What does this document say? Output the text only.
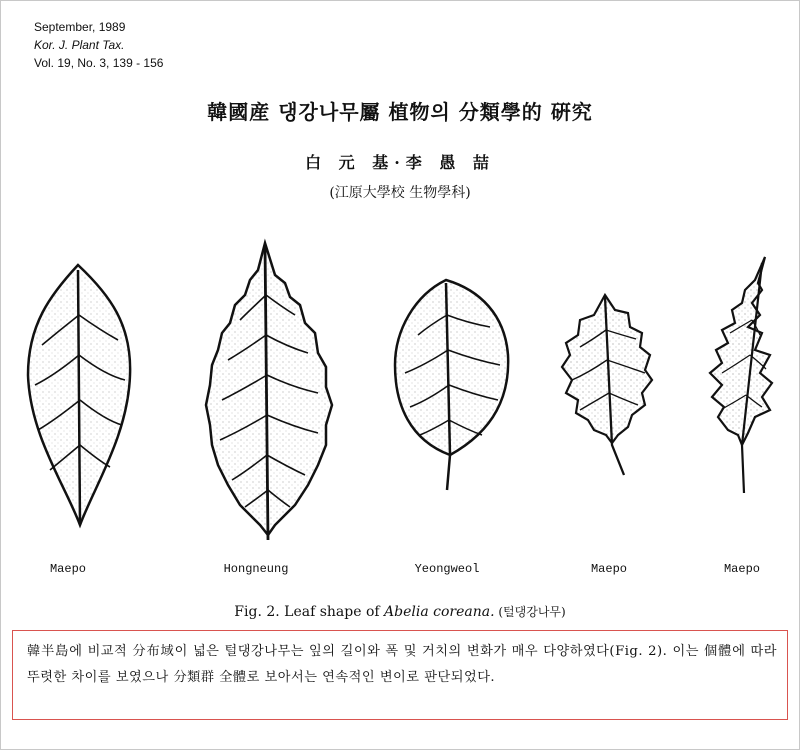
September, 1989
Kor. J. Plant Tax.
Vol. 19, No. 3, 139 - 156
韓國産 댕강나무屬 植物의 分類學的 硏究
白 元 基·李 愚 喆
(江原大學校 生物學科)
Maepo	Hongneung	Yeongweol	Maepo	Maepo
Fig. 2. Leaf shape of Abelia coreana. (털댕강나무)

韓半島에 비교적 分布域이 넓은 털댕강나무는 잎의 길이와 폭 및 거치의 변화가 매우 다양하였다(Fig. 2). 이는 個體에 따라 뚜렷한 차이를 보였으나 分類群 全體로 보아서는 연속적인 변이로 판단되었다.
